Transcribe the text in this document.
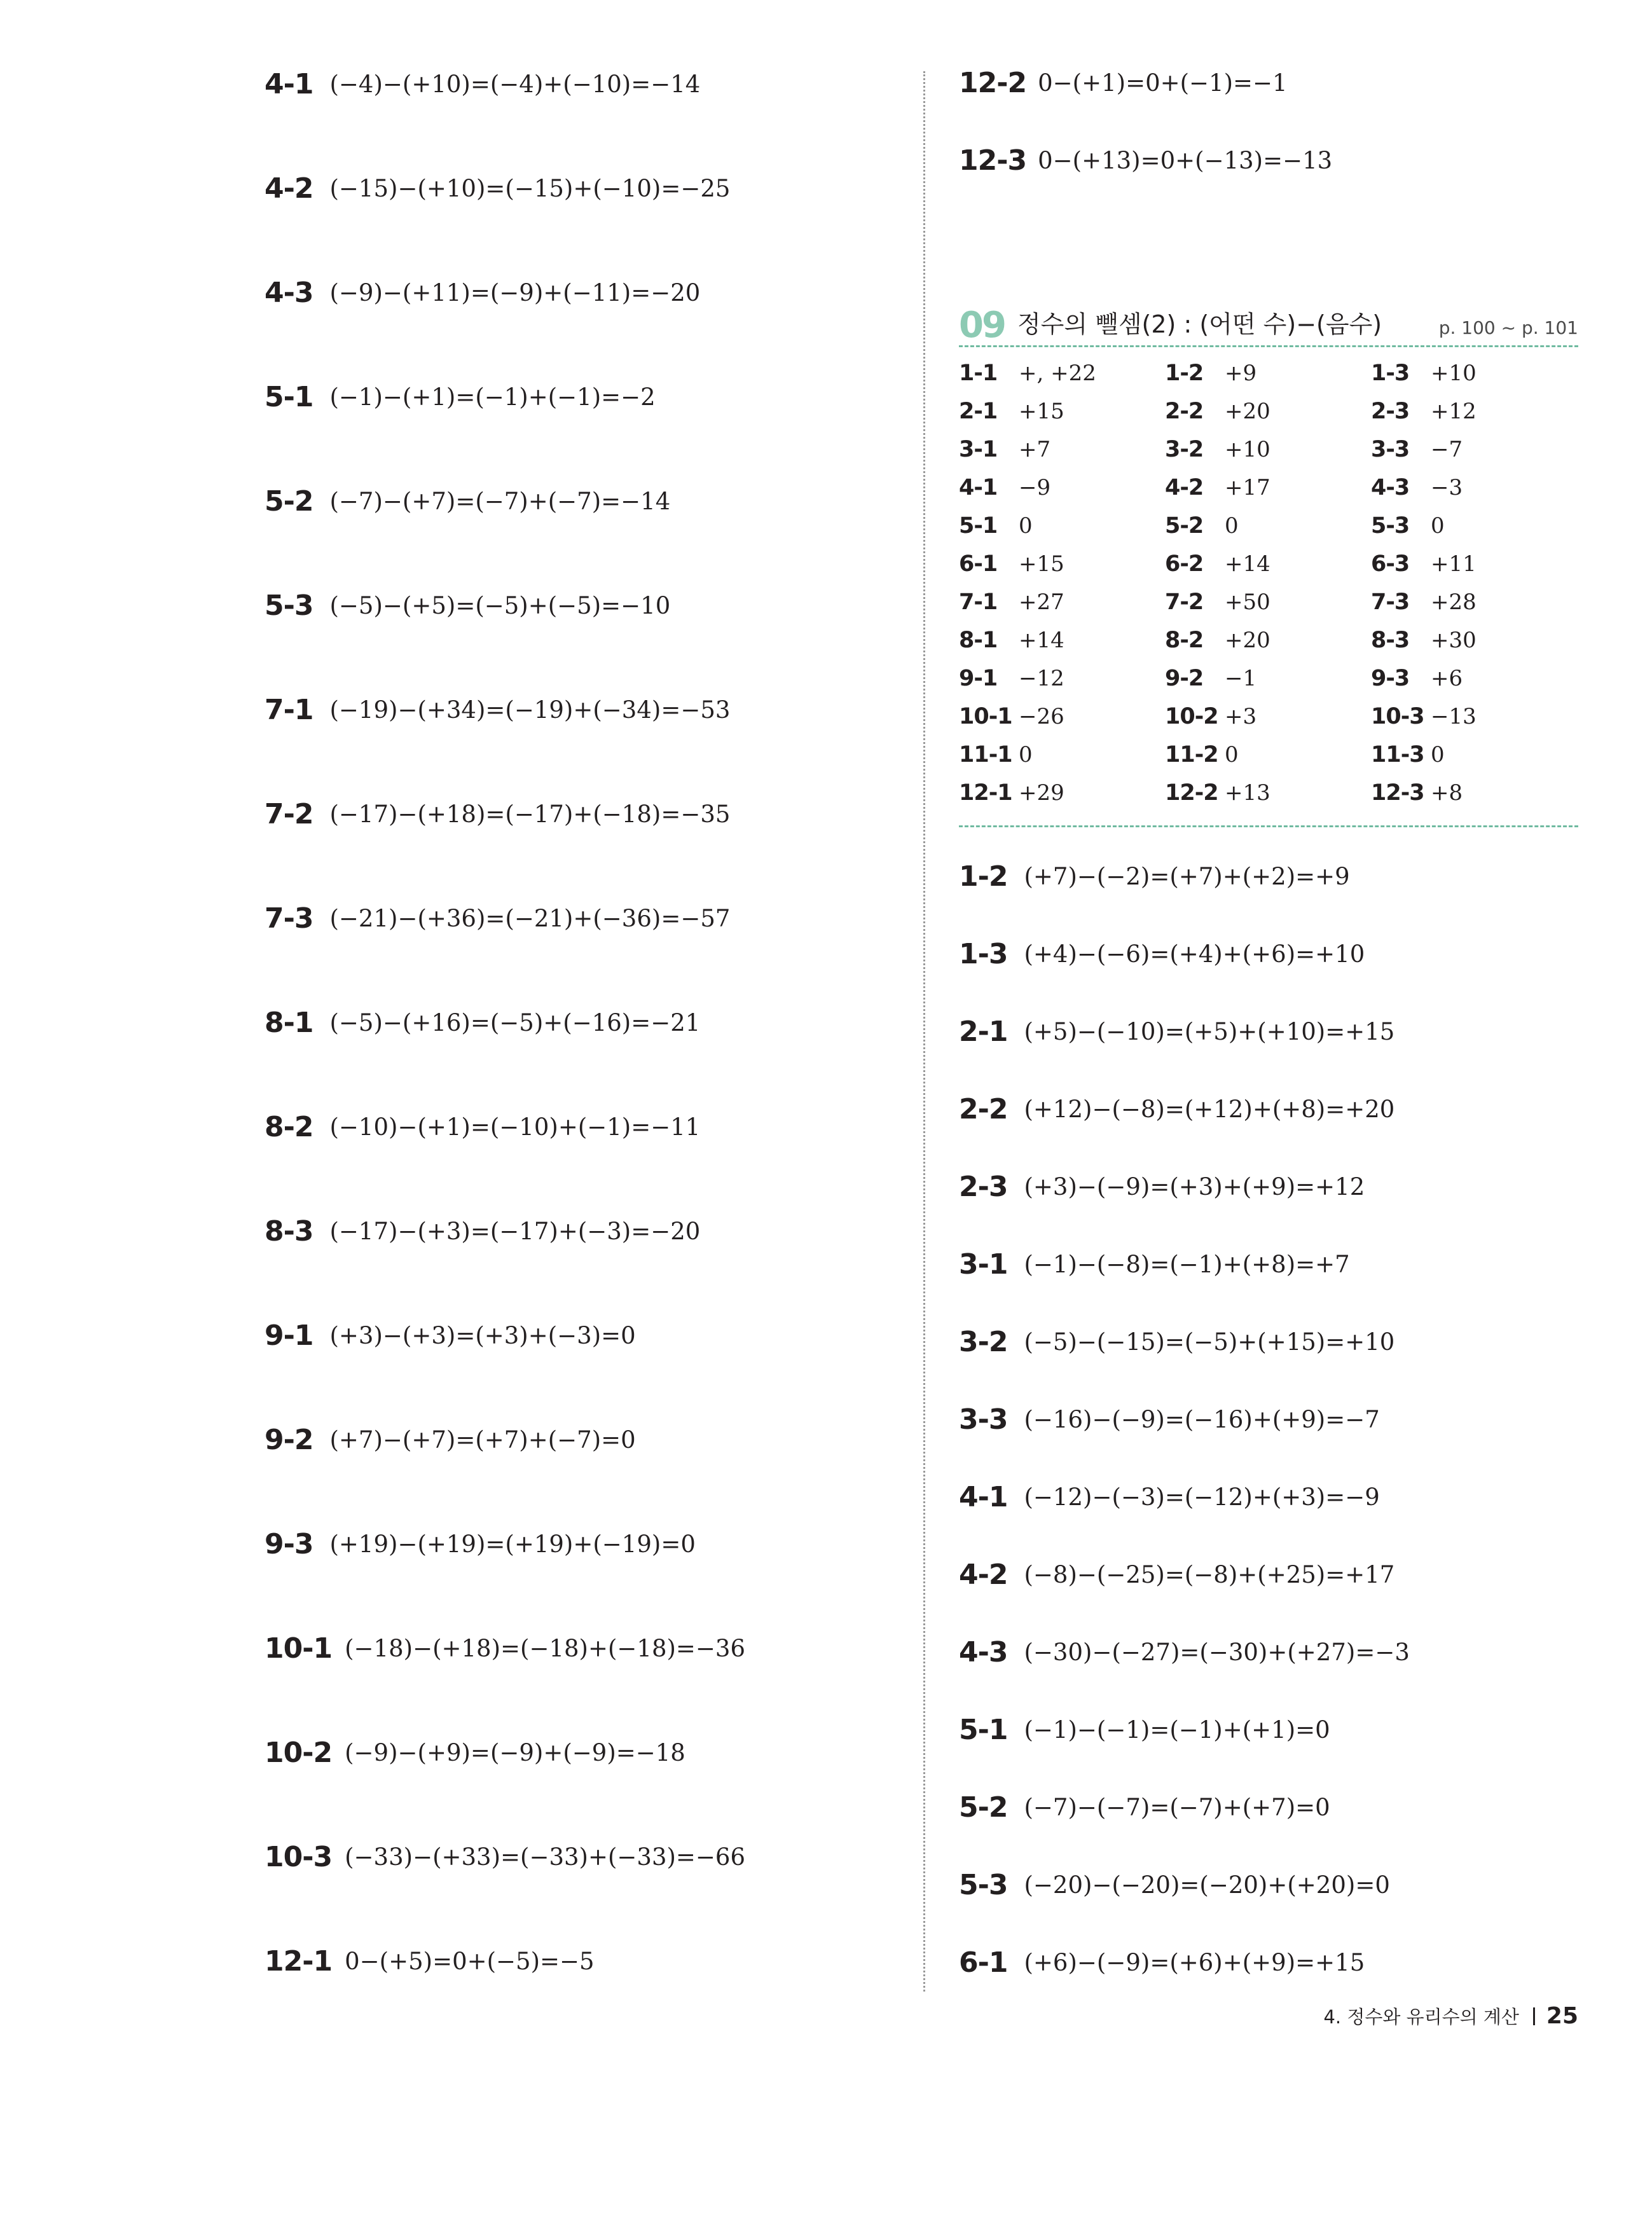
4-1 (−4)−(+10)=(−4)+(−10)=−14
4-2 (−15)−(+10)=(−15)+(−10)=−25
4-3 (−9)−(+11)=(−9)+(−11)=−20
5-1 (−1)−(+1)=(−1)+(−1)=−2
5-2 (−7)−(+7)=(−7)+(−7)=−14
5-3 (−5)−(+5)=(−5)+(−5)=−10
7-1 (−19)−(+34)=(−19)+(−34)=−53
7-2 (−17)−(+18)=(−17)+(−18)=−35
7-3 (−21)−(+36)=(−21)+(−36)=−57
8-1 (−5)−(+16)=(−5)+(−16)=−21
8-2 (−10)−(+1)=(−10)+(−1)=−11
8-3 (−17)−(+3)=(−17)+(−3)=−20
9-1 (+3)−(+3)=(+3)+(−3)=0
9-2 (+7)−(+7)=(+7)+(−7)=0
9-3 (+19)−(+19)=(+19)+(−19)=0
10-1 (−18)−(+18)=(−18)+(−18)=−36
10-2 (−9)−(+9)=(−9)+(−9)=−18
10-3 (−33)−(+33)=(−33)+(−33)=−66
12-1 0−(+5)=0+(−5)=−5
12-2 0−(+1)=0+(−1)=−1
12-3 0−(+13)=0+(−13)=−13
09 정수의 뺄셈(2) : (어떤 수)−(음수)	p. 100 ~ p. 101
1-1 +, +22	1-2 +9	1-3 +10
2-1 +15	2-2 +20	2-3 +12
3-1 +7	3-2 +10	3-3 −7
4-1 −9	4-2 +17	4-3 −3
5-1 0	5-2 0	5-3 0
6-1 +15	6-2 +14	6-3 +11
7-1 +27	7-2 +50	7-3 +28
8-1 +14	8-2 +20	8-3 +30
9-1 −12	9-2 −1	9-3 +6
10-1 −26	10-2 +3	10-3 −13
11-1 0	11-2 0	11-3 0
12-1 +29	12-2 +13	12-3 +8
1-2 (+7)−(−2)=(+7)+(+2)=+9
1-3 (+4)−(−6)=(+4)+(+6)=+10
2-1 (+5)−(−10)=(+5)+(+10)=+15
2-2 (+12)−(−8)=(+12)+(+8)=+20
2-3 (+3)−(−9)=(+3)+(+9)=+12
3-1 (−1)−(−8)=(−1)+(+8)=+7
3-2 (−5)−(−15)=(−5)+(+15)=+10
3-3 (−16)−(−9)=(−16)+(+9)=−7
4-1 (−12)−(−3)=(−12)+(+3)=−9
4-2 (−8)−(−25)=(−8)+(+25)=+17
4-3 (−30)−(−27)=(−30)+(+27)=−3
5-1 (−1)−(−1)=(−1)+(+1)=0
5-2 (−7)−(−7)=(−7)+(+7)=0
5-3 (−20)−(−20)=(−20)+(+20)=0
6-1 (+6)−(−9)=(+6)+(+9)=+15
4. 정수와 유리수의 계산 25
